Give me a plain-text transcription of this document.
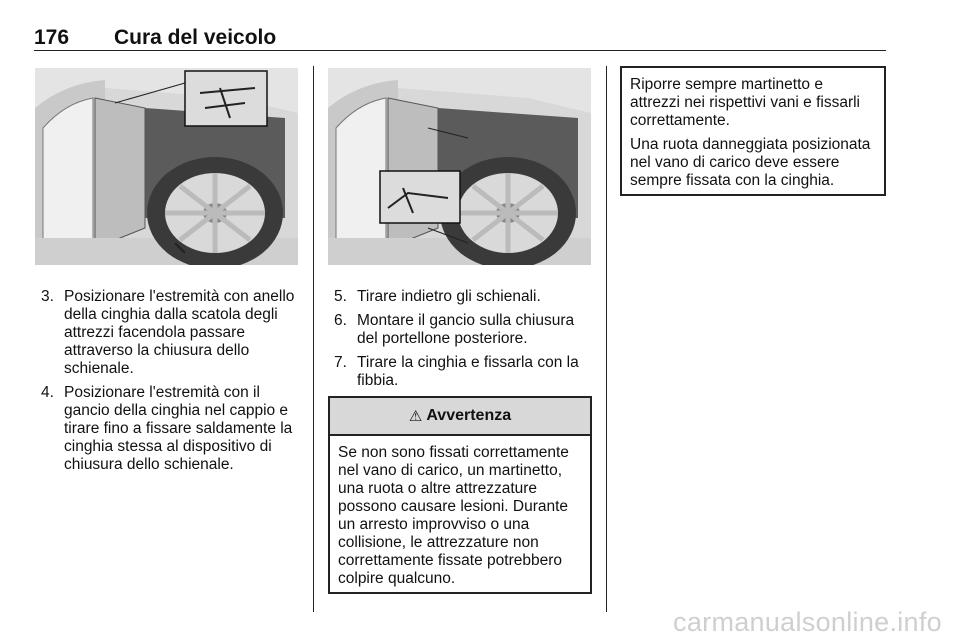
176 Cura del veicolo
3. Posizionare l'estremità con anello della cinghia dalla scatola degli attrezzi facendola passare attraverso la chiusura dello schienale.
4. Posizionare l'estremità con il gancio della cinghia nel cappio e tirare fino a fissare saldamente la cinghia stessa al dispositivo di chiusura dello schienale.
5. Tirare indietro gli schienali.
6. Montare il gancio sulla chiusura del portellone posteriore.
7. Tirare la cinghia e fissarla con la fibbia.
⚠ Avvertenza
Se non sono fissati correttamente nel vano di carico, un martinetto, una ruota o altre attrezzature possono causare lesioni. Durante un arresto improvviso o una collisione, le attrezzature non correttamente fissate potrebbero colpire qualcuno.

Riporre sempre martinetto e attrezzi nei rispettivi vani e fissarli correttamente.

Una ruota danneggiata posizionata nel vano di carico deve essere sempre fissata con la cinghia.

carmanualsonline.info
